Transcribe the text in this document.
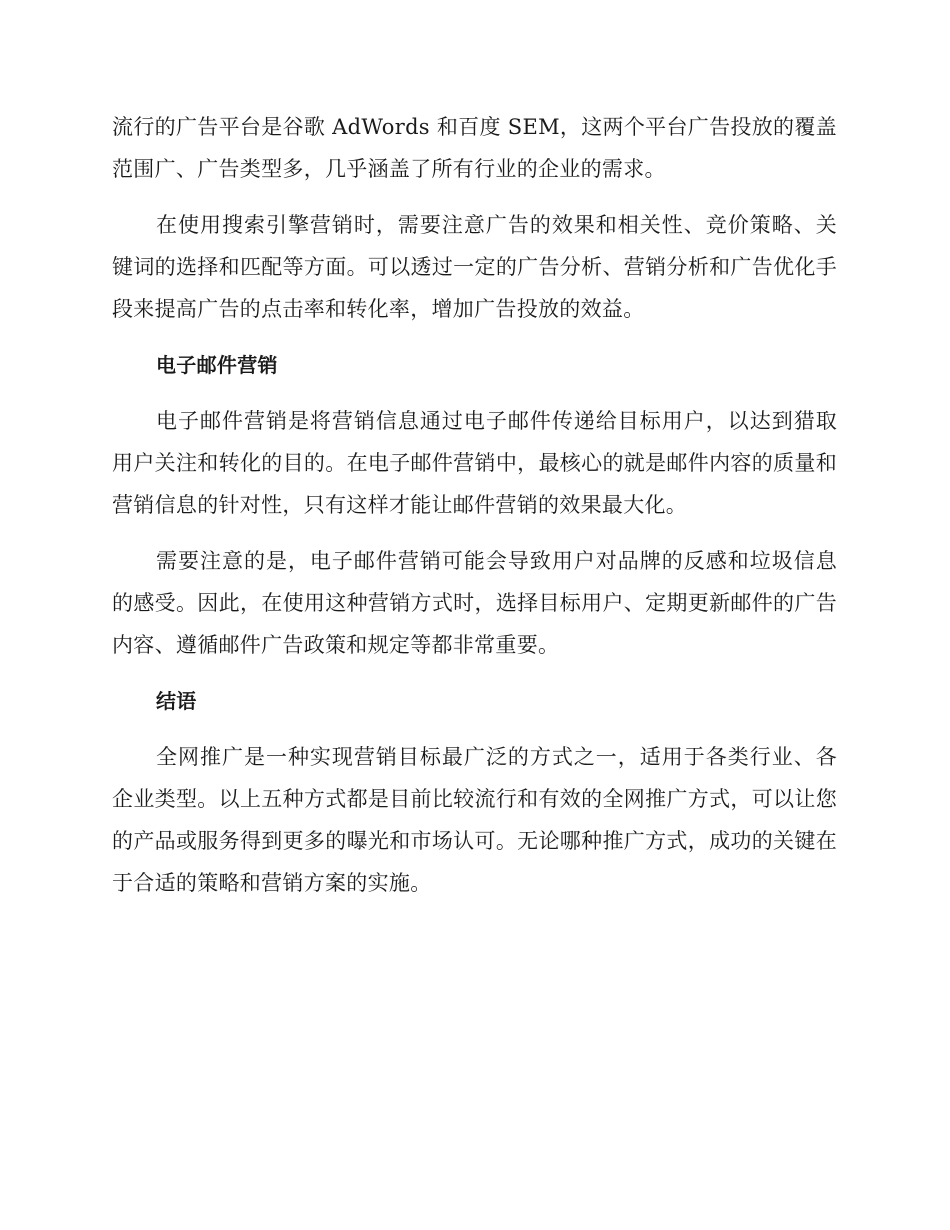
流行的广告平台是谷歌 AdWords 和百度 SEM，这两个平台广告投放的覆盖范围广、广告类型多，几乎涵盖了所有行业的企业的需求。

在使用搜索引擎营销时，需要注意广告的效果和相关性、竞价策略、关键词的选择和匹配等方面。可以透过一定的广告分析、营销分析和广告优化手段来提高广告的点击率和转化率，增加广告投放的效益。

电子邮件营销

电子邮件营销是将营销信息通过电子邮件传递给目标用户，以达到猎取用户关注和转化的目的。在电子邮件营销中，最核心的就是邮件内容的质量和营销信息的针对性，只有这样才能让邮件营销的效果最大化。

需要注意的是，电子邮件营销可能会导致用户对品牌的反感和垃圾信息的感受。因此，在使用这种营销方式时，选择目标用户、定期更新邮件的广告内容、遵循邮件广告政策和规定等都非常重要。

结语

全网推广是一种实现营销目标最广泛的方式之一，适用于各类行业、各企业类型。以上五种方式都是目前比较流行和有效的全网推广方式，可以让您的产品或服务得到更多的曝光和市场认可。无论哪种推广方式，成功的关键在于合适的策略和营销方案的实施。
